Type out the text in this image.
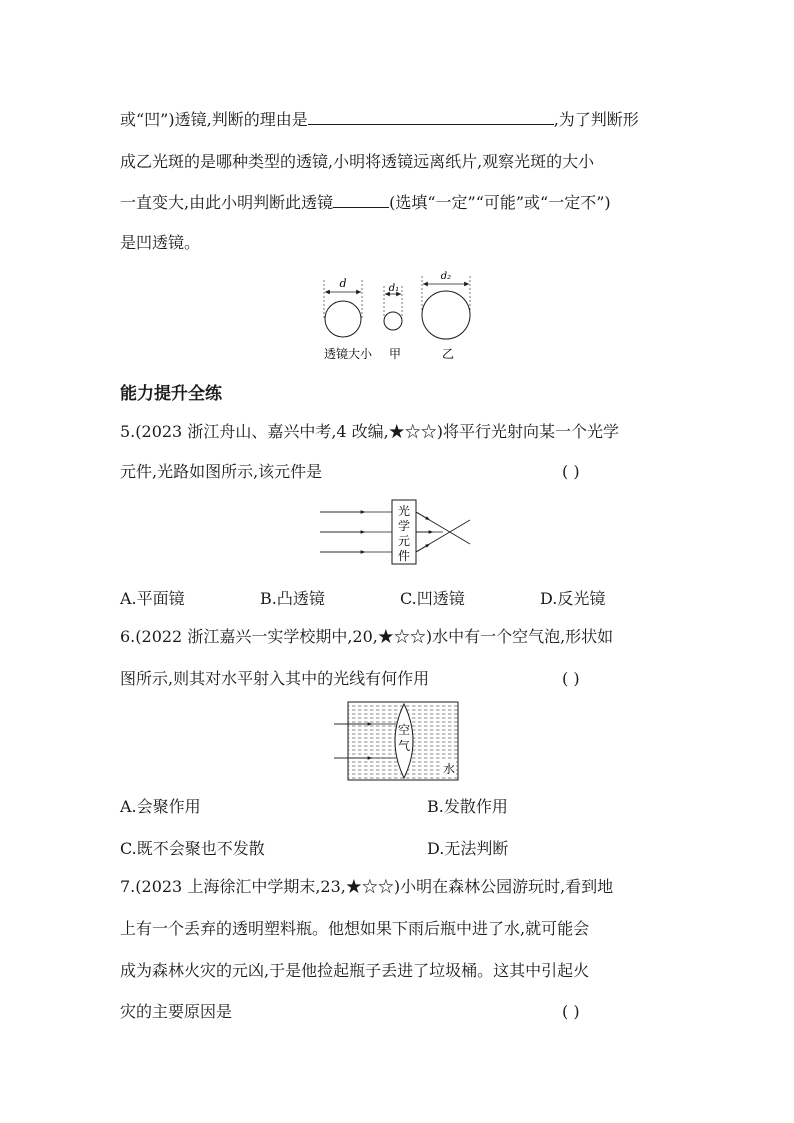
或“凹”)透镜,判断的理由是	,为了判断形
成乙光斑的是哪种类型的透镜,小明将透镜远离纸片,观察光斑的大小
一直变大,由此小明判断此透镜	(选填“一定”“可能”或“一定不”)
是凹透镜。
d	d₁
d₂
透镜大小 甲	乙
能力提升全练
5.(2023 浙江舟山、嘉兴中考,4 改编,★☆☆)将平行光射向某一个光学
元件,光路如图所示,该元件是	( )
光
学
元
件
A.平面镜	B.凸透镜	C.凹透镜	D.反光镜
6.(2022 浙江嘉兴一实学校期中,20,★☆☆)水中有一个空气泡,形状如
图所示,则其对水平射入其中的光线有何作用	( )
空
气
水
A.会聚作用	B.发散作用
C.既不会聚也不发散	D.无法判断
7.(2023 上海徐汇中学期末,23,★☆☆)小明在森林公园游玩时,看到地
上有一个丢弃的透明塑料瓶。他想如果下雨后瓶中进了水,就可能会
成为森林火灾的元凶,于是他捡起瓶子丢进了垃圾桶。这其中引起火
灾的主要原因是	( )
